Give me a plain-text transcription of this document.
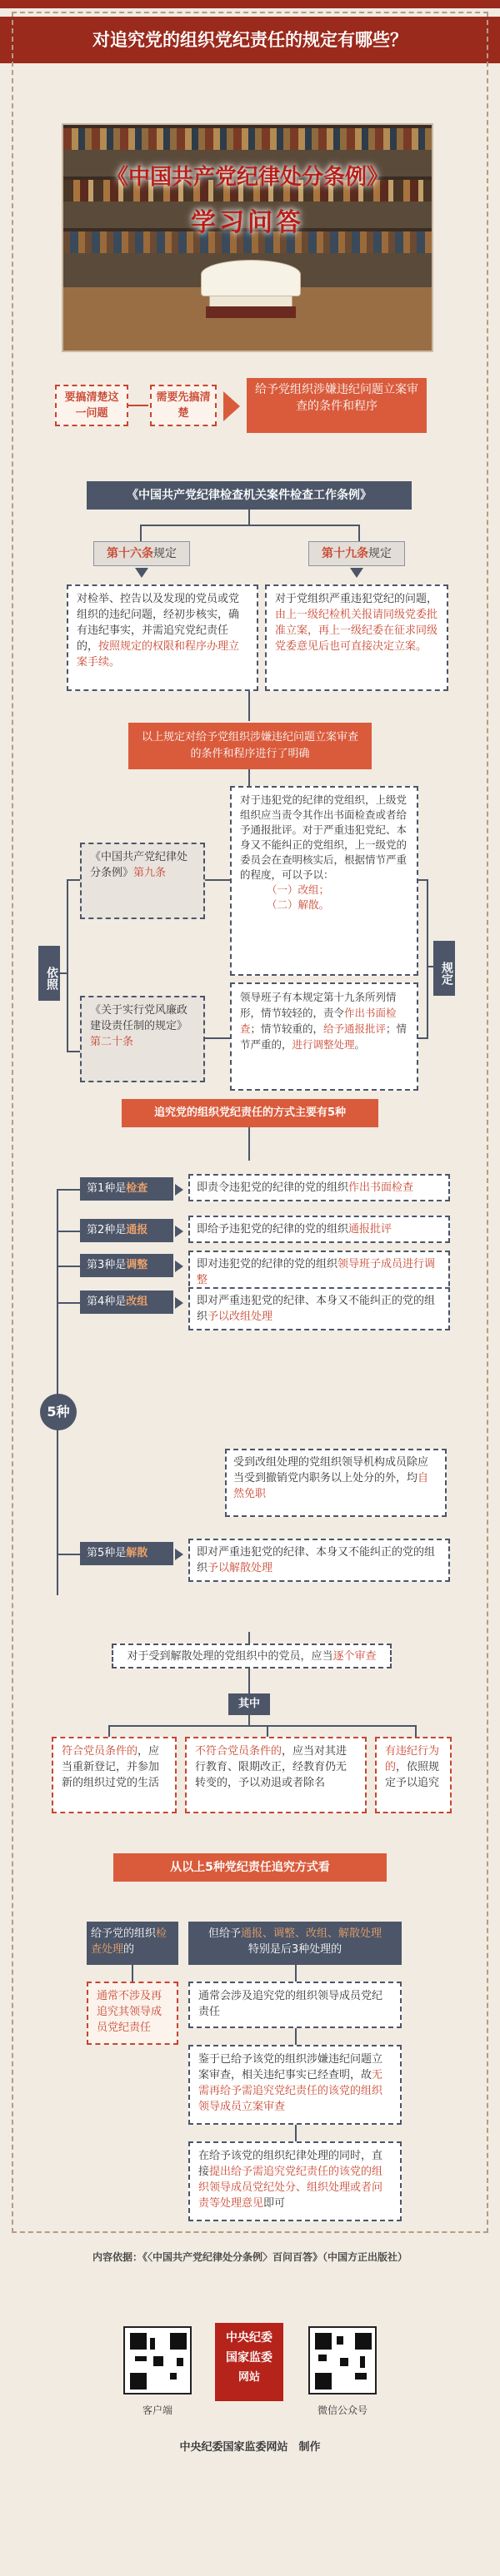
对追究党的组织党纪责任的规定有哪些？
《中国共产党纪律处分条例》
学习问答
要搞清楚这一问题
需要先搞清楚
给予党组织涉嫌违纪问题立案审查的条件和程序
《中国共产党纪律检查机关案件检查工作条例》
第十六条规定	第十九条规定
对检举、控告以及发现的党员或党组织的违纪问题，经初步核实，确有违纪事实，并需追究党纪责任的，按照规定的权限和程序办理立案手续。
对于党组织严重违犯党纪的问题，由上一级纪检机关报请同级党委批准立案，再上一级纪委在征求同级党委意见后也可直接决定立案。
以上规定对给予党组织涉嫌违纪问题立案审查的条件和程序进行了明确
依照
《中国共产党纪律处分条例》第九条
《关于实行党风廉政建设责任制的规定》第二十条
对于违犯党的纪律的党组织，上级党组织应当责令其作出书面检查或者给予通报批评。对于严重违犯党纪、本身又不能纠正的党组织，上一级党的委员会在查明核实后，根据情节严重的程度，可以予以：
（一）改组；
（二）解散。
领导班子有本规定第十九条所列情形，情节较轻的，责令作出书面检查；情节较重的，给予通报批评；情节严重的，进行调整处理。
规定
追究党的组织党纪责任的方式主要有5种
5种
第1种是检查	即责令违犯党的纪律的党的组织作出书面检查
第2种是通报	即给予违犯党的纪律的党的组织通报批评
第3种是调整	即对违犯党的纪律的党的组织领导班子成员进行调整
第4种是改组	即对严重违犯党的纪律、本身又不能纠正的党的组织予以改组处理
第5种是解散	即对严重违犯党的纪律、本身又不能纠正的党的组织予以解散处理
受到改组处理的党组织领导机构成员除应当受到撤销党内职务以上处分的外，均自然免职
对于受到解散处理的党组织中的党员，应当逐个审查
其中
符合党员条件的，应当重新登记，并参加新的组织过党的生活
不符合党员条件的，应当对其进行教育、限期改正，经教育仍无转变的，予以劝退或者除名
有违纪行为的，依照规定予以追究
从以上5种党纪责任追究方式看
给予党的组织检查处理的
但给予通报、调整、改组、解散处理
特别是后3种处理的
通常不涉及再追究其领导成员党纪责任
通常会涉及追究党的组织领导成员党纪责任
鉴于已给予该党的组织涉嫌违纪问题立案审查，相关违纪事实已经查明，故无需再给予需追究党纪责任的该党的组织领导成员立案审查
在给予该党的组织纪律处理的同时，直接提出给予需追究党纪责任的该党的组织领导成员党纪处分、组织处理或者问责等处理意见即可
内容依据：《〈中国共产党纪律处分条例〉百问百答》（中国方正出版社）
客户端
中央纪委
国家监委
网站
微信公众号
中央纪委国家监委网站　制作
